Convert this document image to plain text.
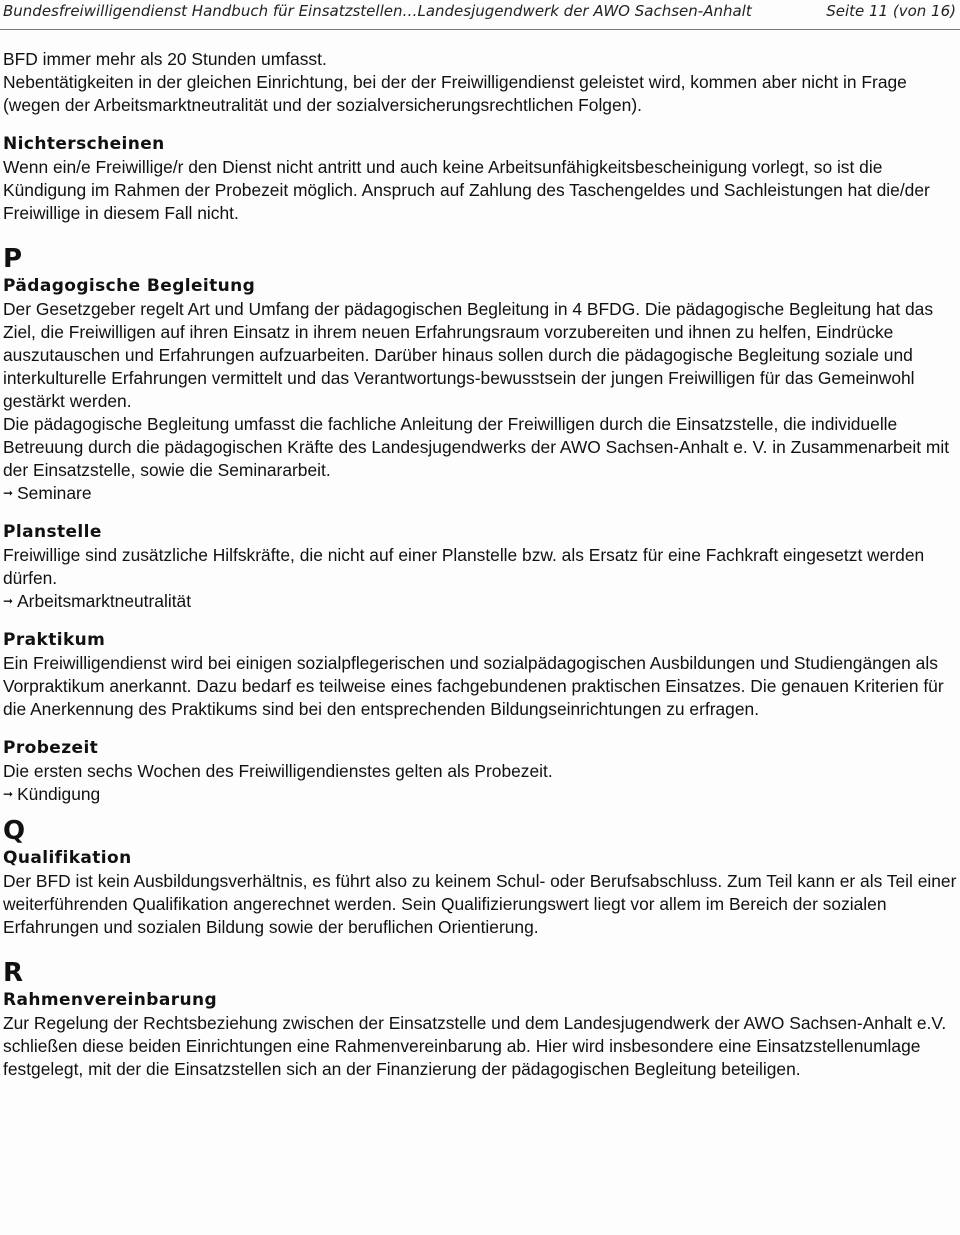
Bundesfreiwilligendienst Handbuch für Einsatzstellen…Landesjugendwerk der AWO Sachsen-Anhalt	Seite 11 (von 16)

BFD immer mehr als 20 Stunden umfasst.

Nebentätigkeiten in der gleichen Einrichtung, bei der der Freiwilligendienst geleistet wird, kommen aber nicht in Frage (wegen der Arbeitsmarktneutralität und der sozialversicherungsrechtlichen Folgen).

Nichterscheinen

Wenn ein/e Freiwillige/r den Dienst nicht antritt und auch keine Arbeitsunfähigkeitsbescheinigung vorlegt, so ist die Kündigung im Rahmen der Probezeit möglich. Anspruch auf Zahlung des Taschengeldes und Sachleistungen hat die/der Freiwillige in diesem Fall nicht.

P
Pädagogische Begleitung

Der Gesetzgeber regelt Art und Umfang der pädagogischen Begleitung in 4 BFDG. Die pädagogische Begleitung hat das Ziel, die Freiwilligen auf ihren Einsatz in ihrem neuen Erfahrungsraum vorzubereiten und ihnen zu helfen, Eindrücke auszutauschen und Erfahrungen aufzuarbeiten. Darüber hinaus sollen durch die pädagogische Begleitung soziale und interkulturelle Erfahrungen vermittelt und das Verantwortungs-bewusstsein der jungen Freiwilligen für das Gemeinwohl gestärkt werden.

Die pädagogische Begleitung umfasst die fachliche Anleitung der Freiwilligen durch die Einsatzstelle, die individuelle Betreuung durch die pädagogischen Kräfte des Landesjugendwerks der AWO Sachsen-Anhalt e. V. in Zusammenarbeit mit der Einsatzstelle, sowie die Seminararbeit.

➞ Seminare
Planstelle

Freiwillige sind zusätzliche Hilfskräfte, die nicht auf einer Planstelle bzw. als Ersatz für eine Fachkraft eingesetzt werden dürfen.

➞ Arbeitsmarktneutralität
Praktikum

Ein Freiwilligendienst wird bei einigen sozialpflegerischen und sozialpädagogischen Ausbildungen und Studiengängen als Vorpraktikum anerkannt. Dazu bedarf es teilweise eines fachgebundenen praktischen Einsatzes. Die genauen Kriterien für die Anerkennung des Praktikums sind bei den entsprechenden Bildungseinrichtungen zu erfragen.

Probezeit

Die ersten sechs Wochen des Freiwilligendienstes gelten als Probezeit.

➞ Kündigung
Q
Qualifikation

Der BFD ist kein Ausbildungsverhältnis, es führt also zu keinem Schul- oder Berufsabschluss. Zum Teil kann er als Teil einer weiterführenden Qualifikation angerechnet werden. Sein Qualifizierungswert liegt vor allem im Bereich der sozialen Erfahrungen und sozialen Bildung sowie der beruflichen Orientierung.

R
Rahmenvereinbarung

Zur Regelung der Rechtsbeziehung zwischen der Einsatzstelle und dem Landesjugendwerk der AWO Sachsen-Anhalt e.V. schließen diese beiden Einrichtungen eine Rahmenvereinbarung ab. Hier wird insbesondere eine Einsatzstellenumlage festgelegt, mit der die Einsatzstellen sich an der Finanzierung der pädagogischen Begleitung beteiligen.
